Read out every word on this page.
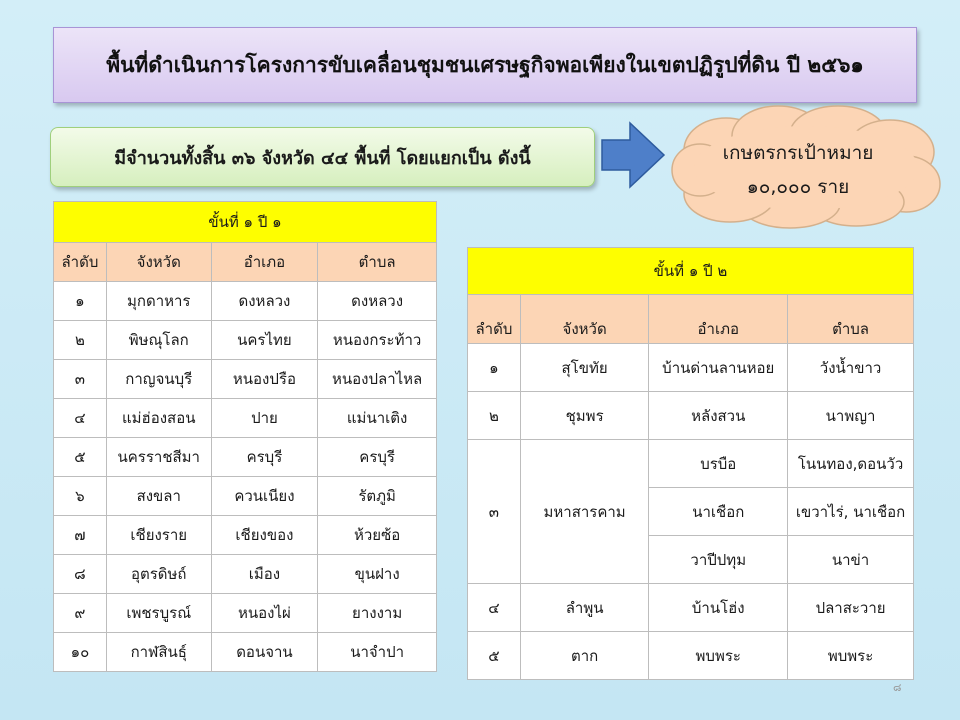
พื้นที่ดำเนินการโครงการขับเคลื่อนชุมชนเศรษฐกิจพอเพียงในเขตปฏิรูปที่ดิน ปี ๒๕๖๑
มีจำนวนทั้งสิ้น ๓๖ จังหวัด ๔๔ พื้นที่ โดยแยกเป็น ดังนี้	เกษตรกรเป้าหมาย
๑๐,๐๐๐ ราย
ขั้นที่ ๑ ปี ๑			
ลำดับ	จังหวัด	อำเภอ	ตำบล
๑	มุกดาหาร	ดงหลวง	ดงหลวง
๒	พิษณุโลก	นครไทย	หนองกระท้าว
๓	กาญจนบุรี	หนองปรือ	หนองปลาไหล
๔	แม่ฮ่องสอน	ปาย	แม่นาเติง
๕	นครราชสีมา	ครบุรี	ครบุรี
๖	สงขลา	ควนเนียง	รัตภูมิ
๗	เชียงราย	เชียงของ	ห้วยซ้อ
๘	อุตรดิษถ์	เมือง	ขุนฝาง
๙	เพชรบูรณ์	หนองไผ่	ยางงาม
๑๐	กาฬสินธุ์	ดอนจาน	นาจำปา
ขั้นที่ ๑ ปี ๒			
ลำดับ	จังหวัด	อำเภอ	ตำบล
๑	สุโขทัย	บ้านด่านลานหอย	วังน้ำขาว
๒	ชุมพร	หลังสวน	นาพญา
๓	มหาสารคาม	บรบือ	โนนทอง,ดอนวัว
		นาเชือก	เขวาไร่, นาเชือก
		วาปีปทุม	นาข่า
๔	ลำพูน	บ้านโฮ่ง	ปลาสะวาย
๕	ตาก	พบพระ	พบพระ
๘
